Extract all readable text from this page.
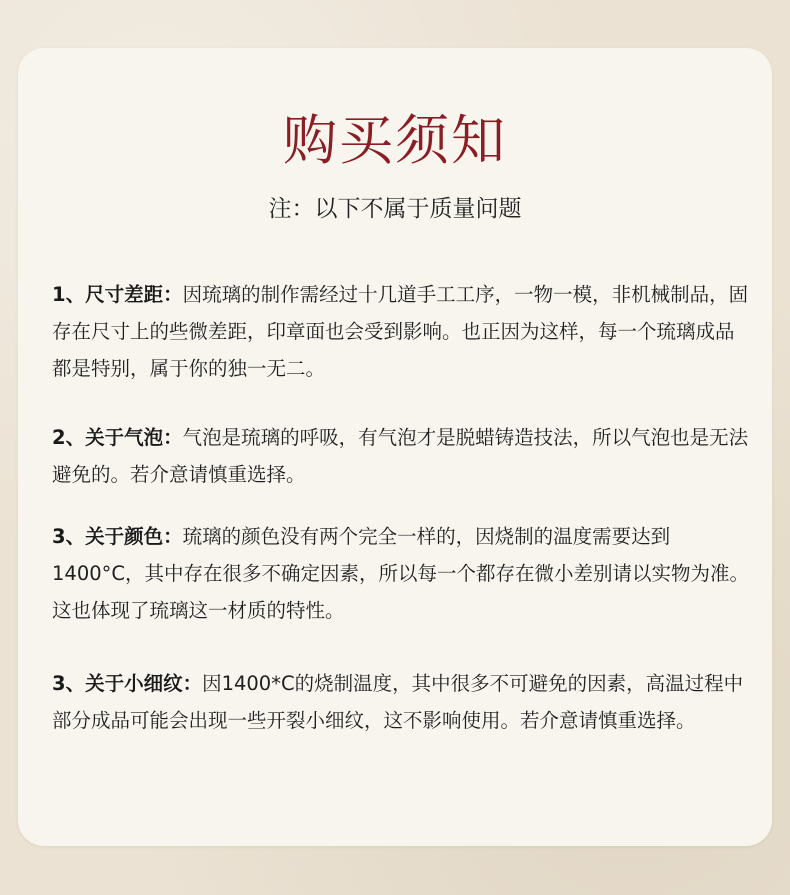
购买须知

注：以下不属于质量问题

1、尺寸差距：因琉璃的制作需经过十几道手工工序，一物一模，非机械制品，固存在尺寸上的些微差距，印章面也会受到影响。也正因为这样，每一个琉璃成品都是特别，属于你的独一无二。

2、关于气泡：气泡是琉璃的呼吸，有气泡才是脱蜡铸造技法，所以气泡也是无法避免的。若介意请慎重选择。

3、关于颜色：琉璃的颜色没有两个完全一样的，因烧制的温度需要达到1400°C，其中存在很多不确定因素，所以每一个都存在微小差别请以实物为准。这也体现了琉璃这一材质的特性。

3、关于小细纹：因1400*C的烧制温度，其中很多不可避免的因素，高温过程中部分成品可能会出现一些开裂小细纹，这不影响使用。若介意请慎重选择。
